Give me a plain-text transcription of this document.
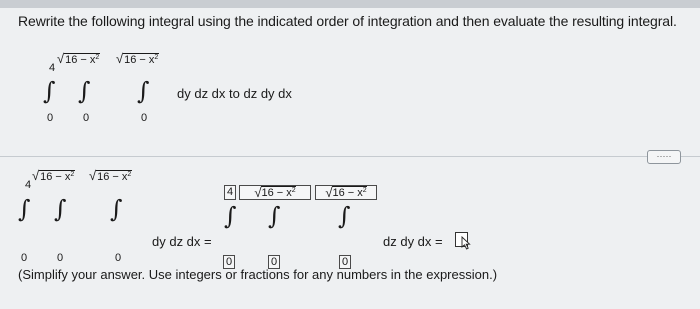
Rewrite the following integral using the indicated order of integration and then evaluate the resulting integral.
4
$√16 - x^2$ $√16 - x^2$
∫ ∫ ∫
0	0	0
dy dz dx to dz dy dx
·····
4
$√16 - x^2$ $√16 - x^2$
∫ ∫ ∫
0	0	0
dy dz dx =
4 √ $16 - x^2$ √ $16 - x^2$
∫ ∫ ∫
0	0	0
dz dy dx =
(Simplify your answer. Use integers or fractions for any numbers in the expression.)
